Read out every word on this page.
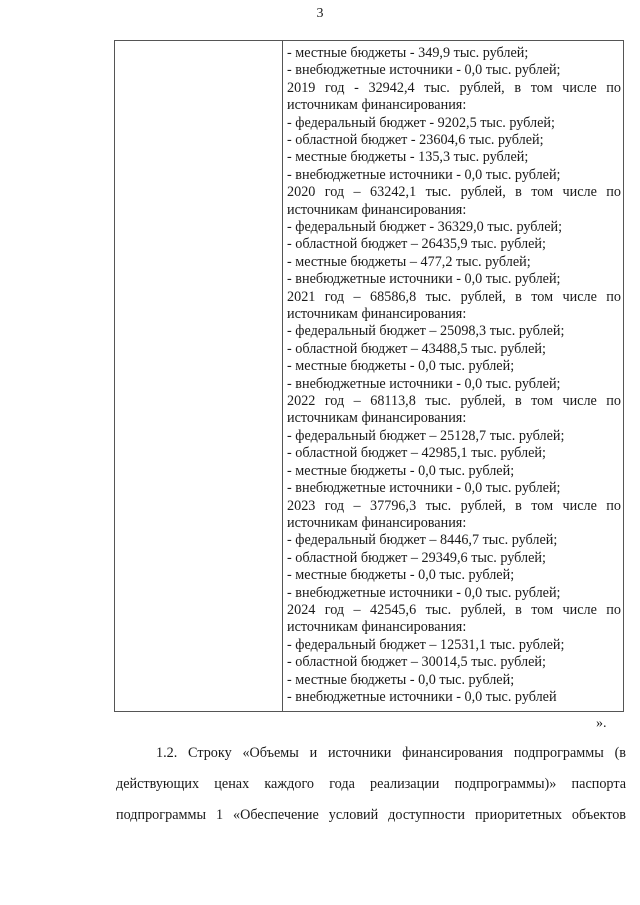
3
- местные бюджеты - 349,9 тыс. рублей;
- внебюджетные источники - 0,0 тыс. рублей;
2019 год - 32942,4 тыс. рублей, в том числе по
источникам финансирования:
- федеральный бюджет - 9202,5 тыс. рублей;
- областной бюджет - 23604,6 тыс. рублей;
- местные бюджеты - 135,3 тыс. рублей;
- внебюджетные источники - 0,0 тыс. рублей;
2020 год – 63242,1 тыс. рублей, в том числе по
источникам финансирования:
- федеральный бюджет - 36329,0 тыс. рублей;
- областной бюджет – 26435,9 тыс. рублей;
- местные бюджеты – 477,2 тыс. рублей;
- внебюджетные источники - 0,0 тыс. рублей;
2021 год – 68586,8 тыс. рублей, в том числе по
источникам финансирования:
- федеральный бюджет – 25098,3 тыс. рублей;
- областной бюджет – 43488,5 тыс. рублей;
- местные бюджеты - 0,0 тыс. рублей;
- внебюджетные источники - 0,0 тыс. рублей;
2022 год – 68113,8 тыс. рублей, в том числе по
источникам финансирования:
- федеральный бюджет – 25128,7 тыс. рублей;
- областной бюджет – 42985,1 тыс. рублей;
- местные бюджеты - 0,0 тыс. рублей;
- внебюджетные источники - 0,0 тыс. рублей;
2023 год – 37796,3 тыс. рублей, в том числе по
источникам финансирования:
- федеральный бюджет – 8446,7 тыс. рублей;
- областной бюджет – 29349,6 тыс. рублей;
- местные бюджеты - 0,0 тыс. рублей;
- внебюджетные источники - 0,0 тыс. рублей;
2024 год – 42545,6 тыс. рублей, в том числе по
источникам финансирования:
- федеральный бюджет – 12531,1 тыс. рублей;
- областной бюджет – 30014,5 тыс. рублей;
- местные бюджеты - 0,0 тыс. рублей;
- внебюджетные источники - 0,0 тыс. рублей
».
1.2. Строку «Объемы и источники финансирования подпрограммы (в
действующих ценах каждого года реализации подпрограммы)» паспорта
подпрограммы 1 «Обеспечение условий доступности приоритетных объектов
